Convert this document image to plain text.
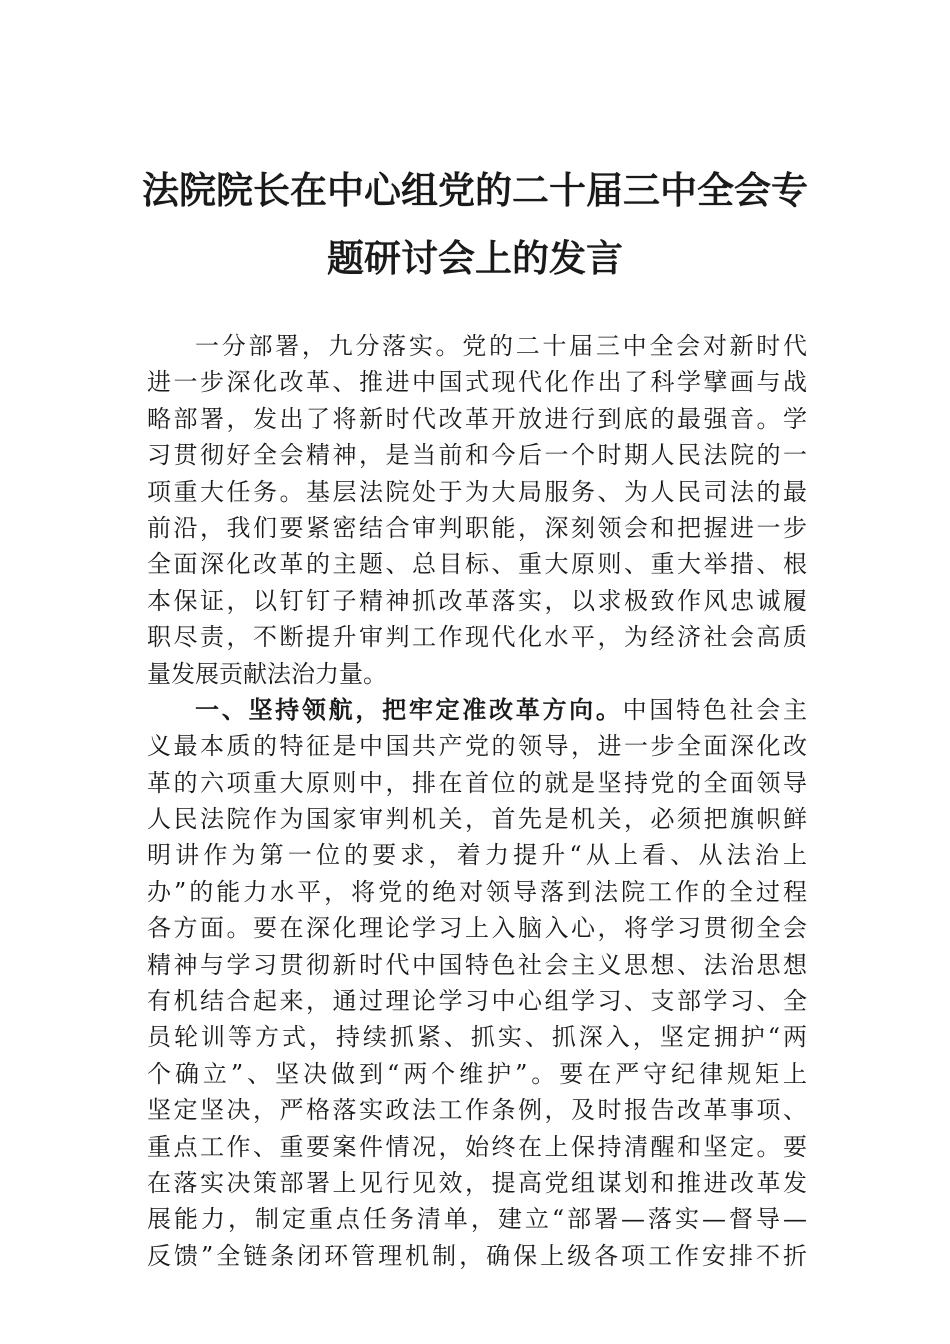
法院院长在中心组党的二十届三中全会专
题研讨会上的发言
一分部署，九分落实。党的二十届三中全会对新时代
进一步深化改革、推进中国式现代化作出了科学擘画与战
略部署，发出了将新时代改革开放进行到底的最强音。学
习贯彻好全会精神，是当前和今后一个时期人民法院的一
项重大任务。基层法院处于为大局服务、为人民司法的最
前沿，我们要紧密结合审判职能，深刻领会和把握进一步
全面深化改革的主题、总目标、重大原则、重大举措、根
本保证，以钉钉子精神抓改革落实，以求极致作风忠诚履
职尽责，不断提升审判工作现代化水平，为经济社会高质
量发展贡献法治力量。
一、坚持领航，把牢定准改革方向。中国特色社会主
义最本质的特征是中国共产党的领导，进一步全面深化改
革的六项重大原则中，排在首位的就是坚持党的全面领导
人民法院作为国家审判机关，首先是机关，必须把旗帜鲜
明讲作为第一位的要求，着力提升“从上看、从法治上
办”的能力水平，将党的绝对领导落到法院工作的全过程
各方面。要在深化理论学习上入脑入心，将学习贯彻全会
精神与学习贯彻新时代中国特色社会主义思想、法治思想
有机结合起来，通过理论学习中心组学习、支部学习、全
员轮训等方式，持续抓紧、抓实、抓深入，坚定拥护“两
个确立”、坚决做到“两个维护”。要在严守纪律规矩上
坚定坚决，严格落实政法工作条例，及时报告改革事项、
重点工作、重要案件情况，始终在上保持清醒和坚定。要
在落实决策部署上见行见效，提高党组谋划和推进改革发
展能力，制定重点任务清单，建立“部署—落实—督导—
反馈”全链条闭环管理机制，确保上级各项工作安排不折
